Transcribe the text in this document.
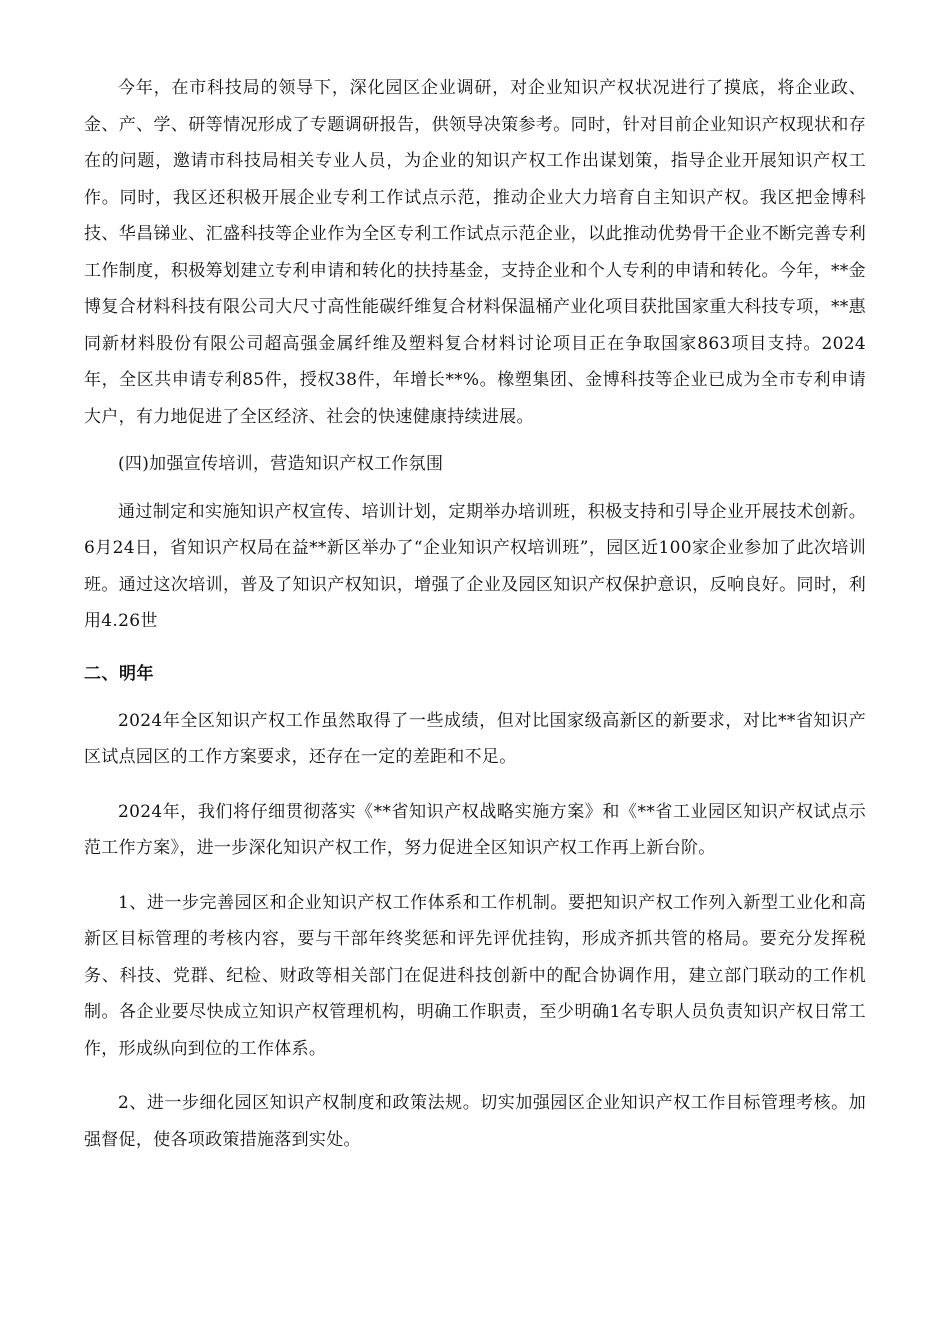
今年，在市科技局的领导下，深化园区企业调研，对企业知识产权状况进行了摸底，将企业政、金、产、学、研等情况形成了专题调研报告，供领导决策参考。同时，针对目前企业知识产权现状和存在的问题，邀请市科技局相关专业人员，为企业的知识产权工作出谋划策，指导企业开展知识产权工作。同时，我区还积极开展企业专利工作试点示范，推动企业大力培育自主知识产权。我区把金博科技、华昌锑业、汇盛科技等企业作为全区专利工作试点示范企业，以此推动优势骨干企业不断完善专利工作制度，积极筹划建立专利申请和转化的扶持基金，支持企业和个人专利的申请和转化。今年，**金博复合材料科技有限公司大尺寸高性能碳纤维复合材料保温桶产业化项目获批国家重大科技专项，**惠同新材料股份有限公司超高强金属纤维及塑料复合材料讨论项目正在争取国家863项目支持。2024年，全区共申请专利85件，授权38件，年增长**%。橡塑集团、金博科技等企业已成为全市专利申请大户，有力地促进了全区经济、社会的快速健康持续进展。

(四)加强宣传培训，营造知识产权工作氛围

通过制定和实施知识产权宣传、培训计划，定期举办培训班，积极支持和引导企业开展技术创新。6月24日，省知识产权局在益**新区举办了“企业知识产权培训班”，园区近100家企业参加了此次培训班。通过这次培训，普及了知识产权知识，增强了企业及园区知识产权保护意识，反响良好。同时，利用4.26世

二、明年

2024年全区知识产权工作虽然取得了一些成绩，但对比国家级高新区的新要求，对比**省知识产区试点园区的工作方案要求，还存在一定的差距和不足。

2024年，我们将仔细贯彻落实《**省知识产权战略实施方案》和《**省工业园区知识产权试点示范工作方案》，进一步深化知识产权工作，努力促进全区知识产权工作再上新台阶。

1、进一步完善园区和企业知识产权工作体系和工作机制。要把知识产权工作列入新型工业化和高新区目标管理的考核内容，要与干部年终奖惩和评先评优挂钩，形成齐抓共管的格局。要充分发挥税务、科技、党群、纪检、财政等相关部门在促进科技创新中的配合协调作用，建立部门联动的工作机制。各企业要尽快成立知识产权管理机构，明确工作职责，至少明确1名专职人员负责知识产权日常工作，形成纵向到位的工作体系。

2、进一步细化园区知识产权制度和政策法规。切实加强园区企业知识产权工作目标管理考核。加强督促，使各项政策措施落到实处。
